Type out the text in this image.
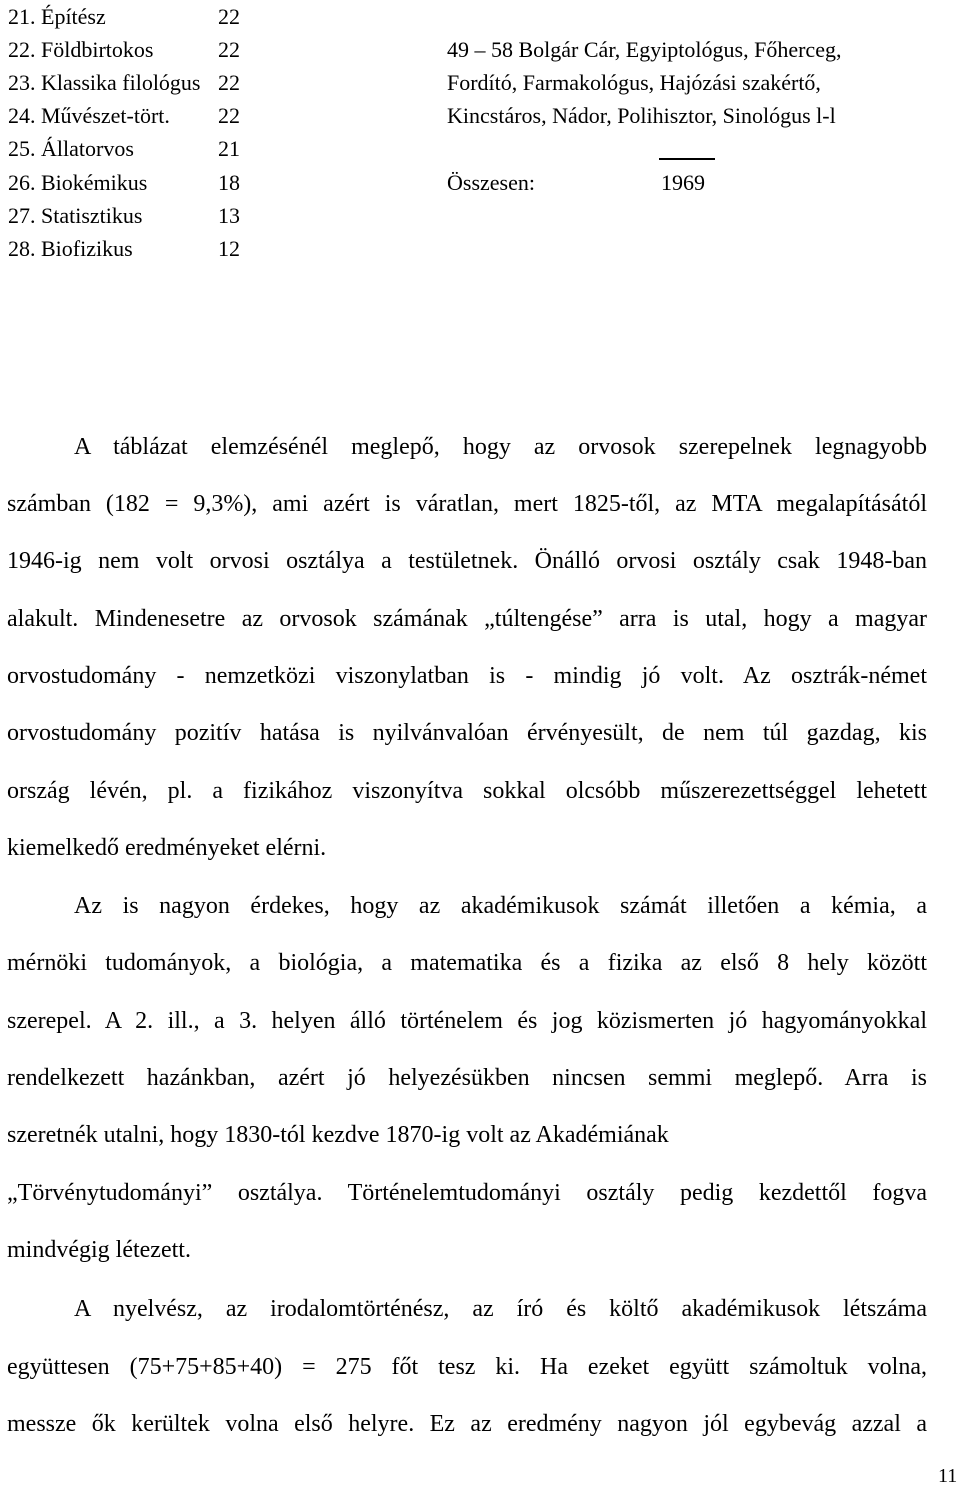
21. Építész	22
22. Földbirtokos	22
23. Klassika filológus 22
24. Művészet-tört. 22
25. Állatorvos	21
26. Biokémikus	18
27. Statisztikus	13
28. Biofizikus	12
49 – 58 Bolgár Cár, Egyiptológus, Főherceg,
Fordító, Farmakológus, Hajózási szakértő,
Kincstáros, Nádor, Polihisztor, Sinológus l-l
Összesen:	1969
A táblázat elemzésénél meglepő, hogy az orvosok szerepelnek legnagyobb
számban (182 = 9,3%), ami azért is váratlan, mert 1825-től, az MTA megalapításától
1946-ig nem volt orvosi osztálya a testületnek. Önálló orvosi osztály csak 1948-ban
alakult. Mindenesetre az orvosok számának „túltengése” arra is utal, hogy a magyar
orvostudomány - nemzetközi viszonylatban is - mindig jó volt. Az osztrák-német
orvostudomány pozitív hatása is nyilvánvalóan érvényesült, de nem túl gazdag, kis
ország lévén, pl. a fizikához viszonyítva sokkal olcsóbb műszerezettséggel lehetett
kiemelkedő eredményeket elérni.
Az is nagyon érdekes, hogy az akadémikusok számát illetően a kémia, a
mérnöki tudományok, a biológia, a matematika és a fizika az első 8 hely között
szerepel. A 2. ill., a 3. helyen álló történelem és jog közismerten jó hagyományokkal
rendelkezett hazánkban, azért jó helyezésükben nincsen semmi meglepő. Arra is
szeretnék utalni, hogy 1830-tól kezdve 1870-ig volt az Akadémiának
„Törvénytudományi” osztálya. Történelemtudományi osztály pedig kezdettől fogva
mindvégig létezett.
A nyelvész, az irodalomtörténész, az író és költő akadémikusok létszáma
együttesen (75+75+85+40) = 275 főt tesz ki. Ha ezeket együtt számoltuk volna,
messze ők kerültek volna első helyre. Ez az eredmény nagyon jól egybevág azzal a
11
